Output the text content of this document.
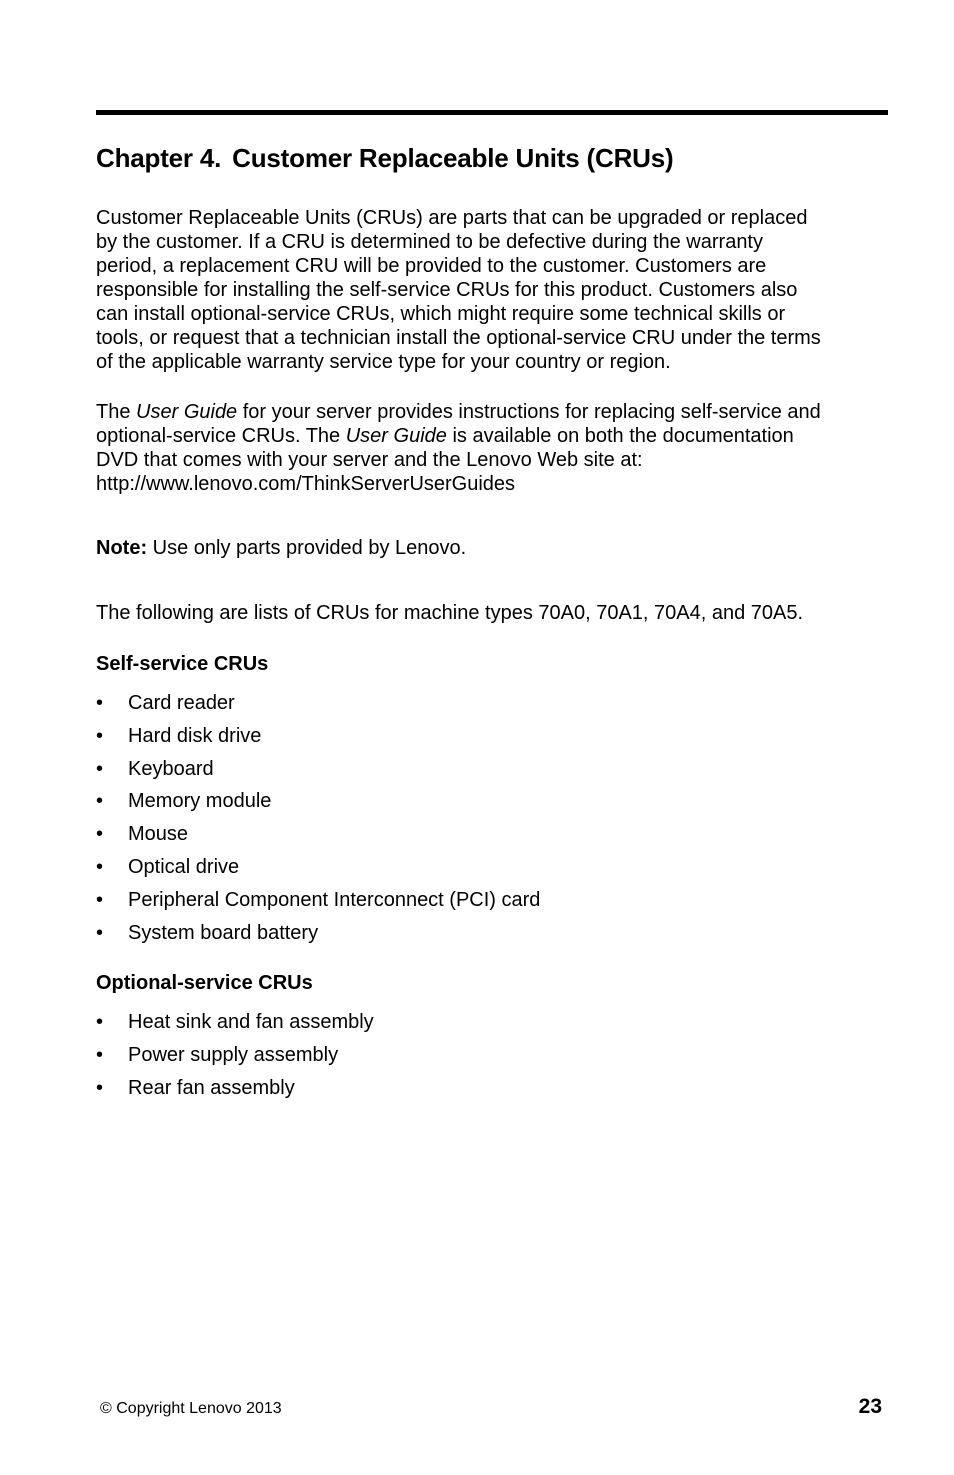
Chapter 4. Customer Replaceable Units (CRUs)

Customer Replaceable Units (CRUs) are parts that can be upgraded or replaced
by the customer. If a CRU is determined to be defective during the warranty
period, a replacement CRU will be provided to the customer. Customers are
responsible for installing the self-service CRUs for this product. Customers also
can install optional-service CRUs, which might require some technical skills or
tools, or request that a technician install the optional-service CRU under the terms
of the applicable warranty service type for your country or region.

The User Guide for your server provides instructions for replacing self-service and
optional-service CRUs. The User Guide is available on both the documentation
DVD that comes with your server and the Lenovo Web site at:
http://www.lenovo.com/ThinkServerUserGuides

Note: Use only parts provided by Lenovo.

The following are lists of CRUs for machine types 70A0, 70A1, 70A4, and 70A5.

Self-service CRUs
• Card reader
• Hard disk drive
• Keyboard
• Memory module
• Mouse
• Optical drive
• Peripheral Component Interconnect (PCI) card
• System board battery
Optional-service CRUs
• Heat sink and fan assembly
• Power supply assembly
• Rear fan assembly
© Copyright Lenovo 2013	23
